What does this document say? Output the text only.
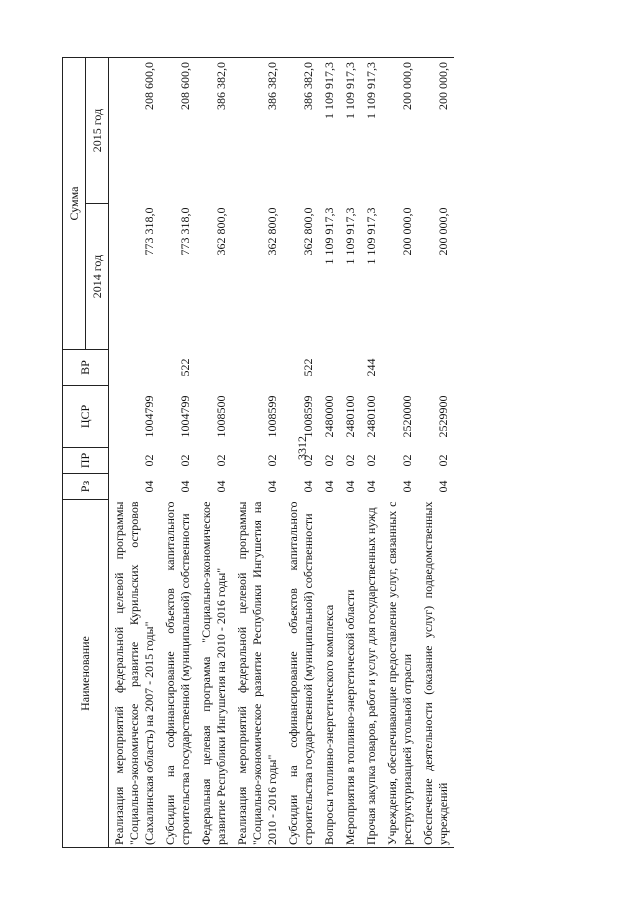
3312
Наименование	Рз	ПР	ЦСР	ВР	Сумма	
					2014 год	2015 год
Реализация мероприятий федеральной целевой программы "Социально-экономическое развитие Курильских островов (Сахалинская область) на 2007 - 2015 годы"	04	02	1004799		773 318,0	208 600,0
Субсидии на софинансирование объектов капитального строительства государственной (муниципальной) собственности	04	02	1004799	522	773 318,0	208 600,0
Федеральная целевая программа "Социально-экономическое развитие Республики Ингушетия на 2010 - 2016 годы"	04	02	1008500		362 800,0	386 382,0
Реализация мероприятий федеральной целевой программы "Социально-экономическое развитие Республики Ингушетия на 2010 - 2016 годы"	04	02	1008599		362 800,0	386 382,0
Субсидии на софинансирование объектов капитального строительства государственной (муниципальной) собственности	04	02	1008599	522	362 800,0	386 382,0
Вопросы топливно-энергетического комплекса	04	02	2480000		1 109 917,3	1 109 917,3
Мероприятия в топливно-энергетической области	04	02	2480100		1 109 917,3	1 109 917,3
Прочая закупка товаров, работ и услуг для государственных нужд	04	02	2480100	244	1 109 917,3	1 109 917,3
Учреждения, обеспечивающие предоставление услуг, связанных с реструктуризацией угольной отрасли	04	02	2520000		200 000,0	200 000,0
Обеспечение деятельности (оказание услуг) подведомственных учреждений	04	02	2529900		200 000,0	200 000,0
